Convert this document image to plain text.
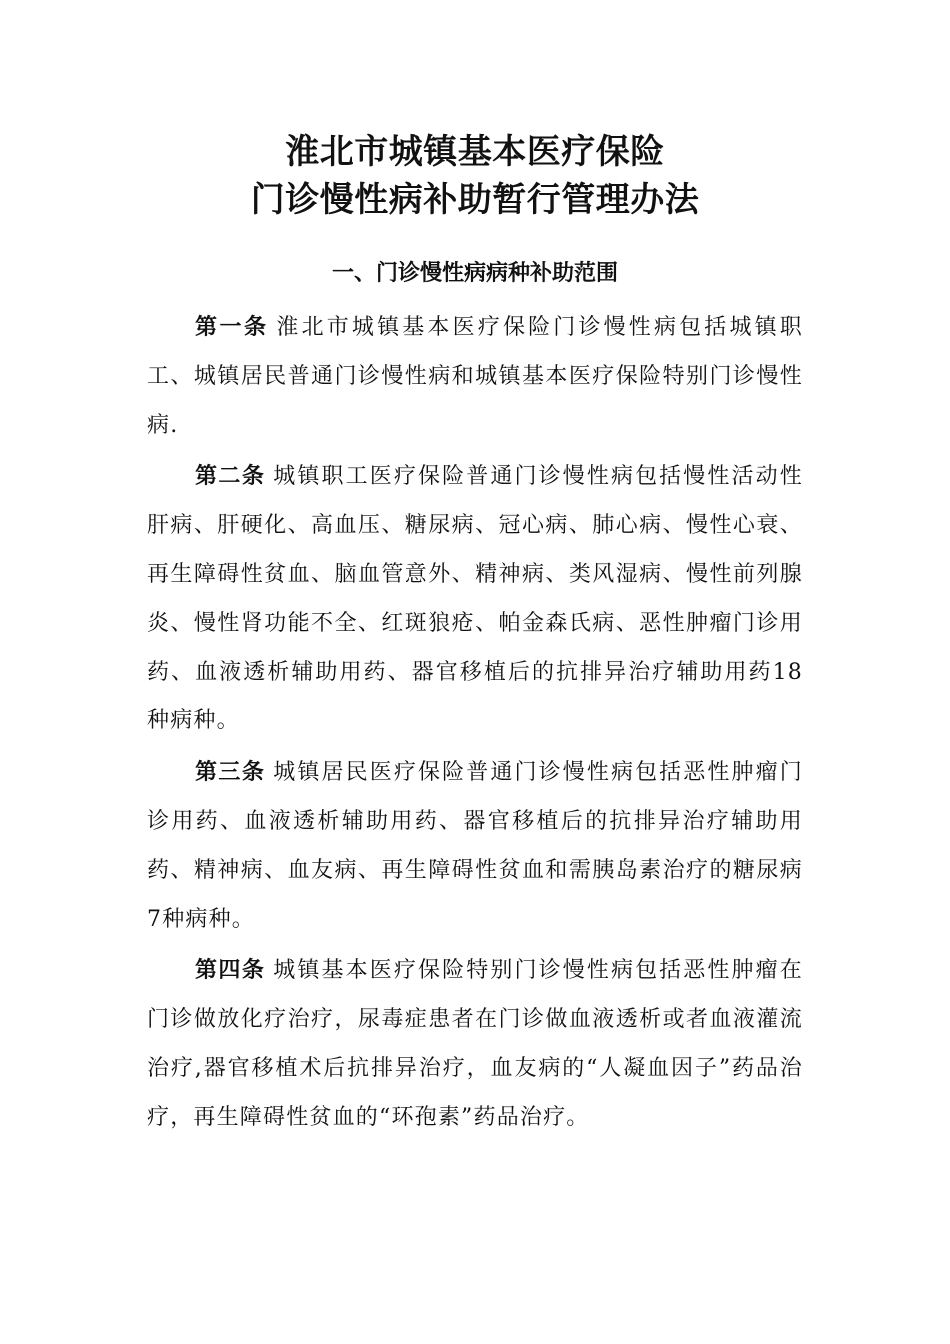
淮北市城镇基本医疗保险
门诊慢性病补助暂行管理办法
一、门诊慢性病病种补助范围

第一条 淮北市城镇基本医疗保险门诊慢性病包括城镇职工、城镇居民普通门诊慢性病和城镇基本医疗保险特别门诊慢性病.

第二条 城镇职工医疗保险普通门诊慢性病包括慢性活动性肝病、肝硬化、高血压、糖尿病、冠心病、肺心病、慢性心衰、再生障碍性贫血、脑血管意外、精神病、类风湿病、慢性前列腺炎、慢性肾功能不全、红斑狼疮、帕金森氏病、恶性肿瘤门诊用药、血液透析辅助用药、器官移植后的抗排异治疗辅助用药18种病种。

第三条 城镇居民医疗保险普通门诊慢性病包括恶性肿瘤门诊用药、血液透析辅助用药、器官移植后的抗排异治疗辅助用药、精神病、血友病、再生障碍性贫血和需胰岛素治疗的糖尿病7种病种。

第四条 城镇基本医疗保险特别门诊慢性病包括恶性肿瘤在门诊做放化疗治疗，尿毒症患者在门诊做血液透析或者血液灌流治疗,器官移植术后抗排异治疗，血友病的“人凝血因子”药品治疗，再生障碍性贫血的“环孢素”药品治疗。
